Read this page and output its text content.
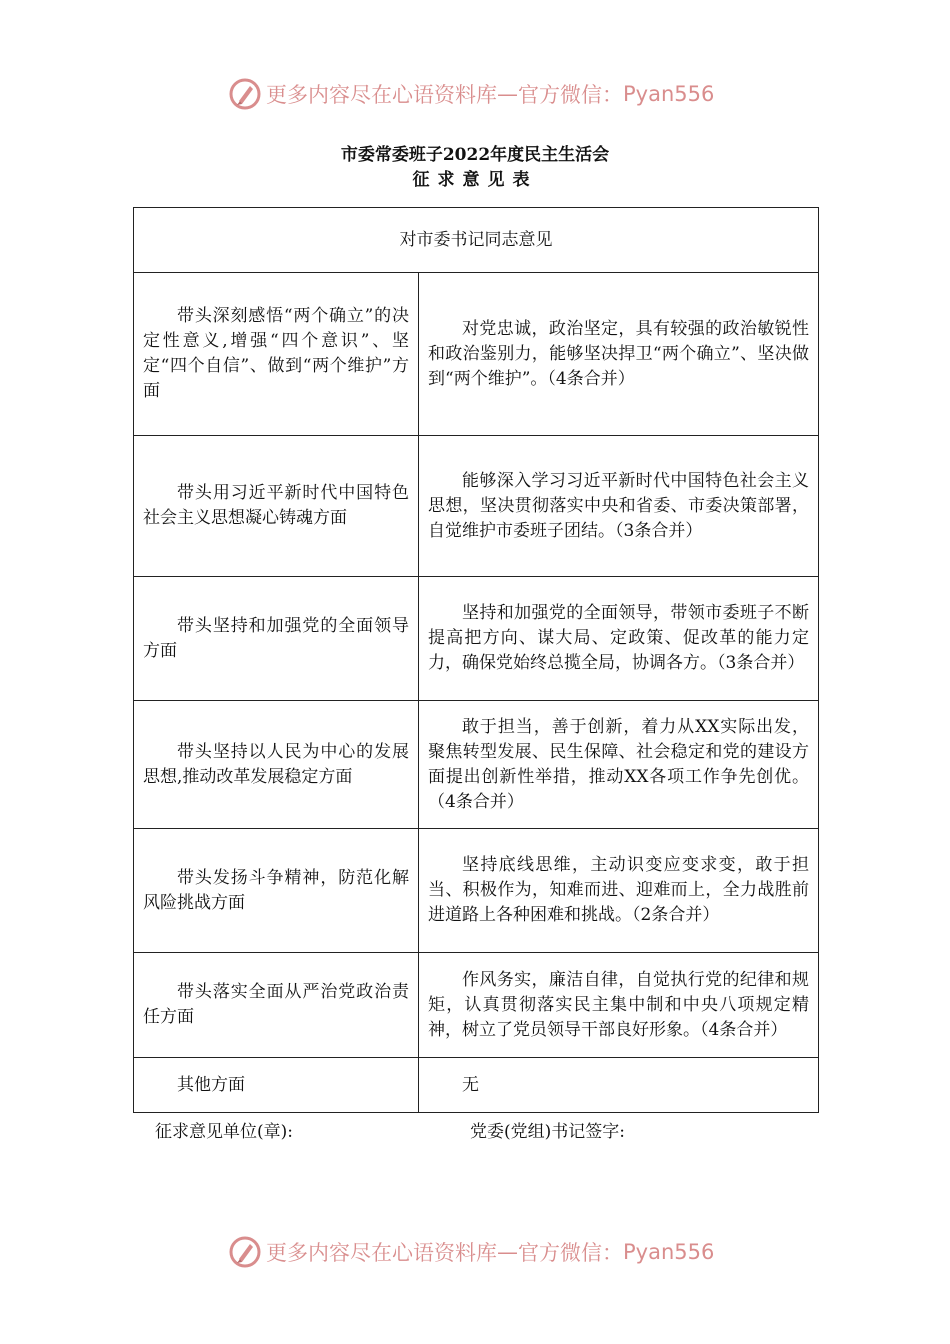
更多内容尽在心语资料库 — 官方微信： Pyan556
市委常委班子2022年度民主生活会
征求意见表
对市委书记同志意见	
带头深刻感悟“两个确立”的决定性意义,增强“四个意识”、坚定“四个自信”、做到“两个维护”方面	对党忠诚，政治坚定，具有较强的政治敏锐性和政治鉴别力，能够坚决捍卫“两个确立”、坚决做到“两个维护”。（4条合并）
带头用习近平新时代中国特色社会主义思想凝心铸魂方面	能够深入学习习近平新时代中国特色社会主义思想，坚决贯彻落实中央和省委、市委决策部署，自觉维护市委班子团结。（3条合并）
带头坚持和加强党的全面领导方面	坚持和加强党的全面领导，带领市委班子不断提高把方向、谋大局、定政策、促改革的能力定力，确保党始终总揽全局，协调各方。（3条合并）
带头坚持以人民为中心的发展思想,推动改革发展稳定方面	敢于担当，善于创新，着力从XX实际出发，聚焦转型发展、民生保障、社会稳定和党的建设方面提出创新性举措，推动XX各项工作争先创优。（4条合并）
带头发扬斗争精神，防范化解风险挑战方面	坚持底线思维，主动识变应变求变，敢于担当、积极作为，知难而进、迎难而上，全力战胜前进道路上各种困难和挑战。（2条合并）
带头落实全面从严治党政治责任方面	作风务实，廉洁自律，自觉执行党的纪律和规矩，认真贯彻落实民主集中制和中央八项规定精神，树立了党员领导干部良好形象。（4条合并）
其他方面	无
征求意见单位(章):	党委(党组)书记签字:
更多内容尽在心语资料库 — 官方微信： Pyan556
